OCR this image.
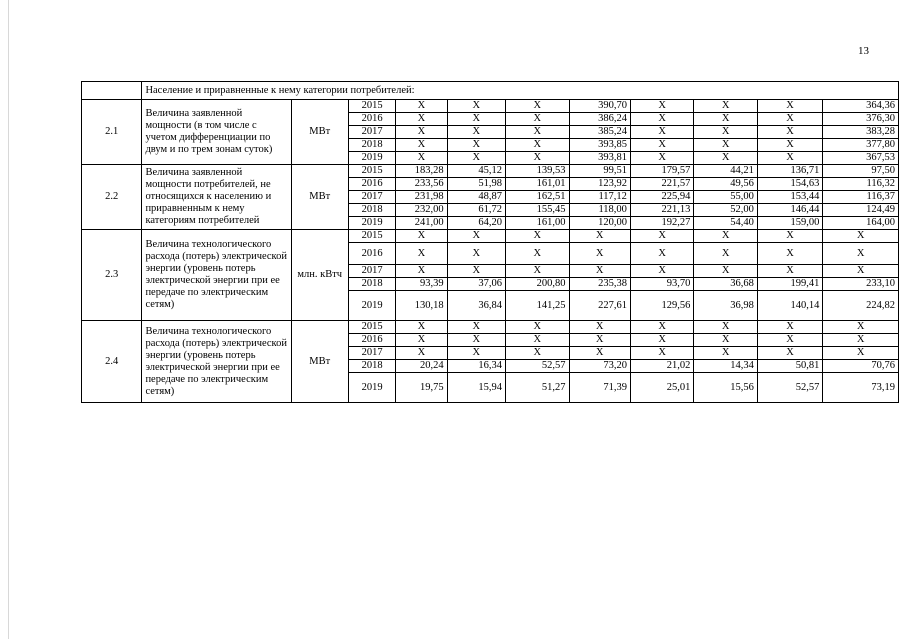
13
	Население и приравненные к нему категории потребителей:										
2.1	Величина заявленной мощности (в том числе с учетом дифференциации по двум и по трем зонам суток)	МВт	2015	X	X	X	390,70	X	X	X	364,36
			2016	X	X	X	386,24	X	X	X	376,30
			2017	X	X	X	385,24	X	X	X	383,28
			2018	X	X	X	393,85	X	X	X	377,80
			2019	X	X	X	393,81	X	X	X	367,53
2.2	Величина заявленной мощности потребителей, не относящихся к населению и приравненным к нему категориям потребителей	МВт	2015	183,28	45,12	139,53	99,51	179,57	44,21	136,71	97,50
			2016	233,56	51,98	161,01	123,92	221,57	49,56	154,63	116,32
			2017	231,98	48,87	162,51	117,12	225,94	55,00	153,44	116,37
			2018	232,00	61,72	155,45	118,00	221,13	52,00	146,44	124,49
			2019	241,00	64,20	161,00	120,00	192,27	54,40	159,00	164,00
2.3	Величина технологического расхода (потерь) электрической энергии (уровень потерь электрической энергии при ее передаче по электрическим сетям)	млн. кВтч	2015	X	X	X	X	X	X	X	X
			2016	X	X	X	X	X	X	X	X
			2017	X	X	X	X	X	X	X	X
			2018	93,39	37,06	200,80	235,38	93,70	36,68	199,41	233,10
			2019	130,18	36,84	141,25	227,61	129,56	36,98	140,14	224,82
2.4	Величина технологического расхода (потерь) электрической энергии (уровень потерь электрической энергии при ее передаче по электрическим сетям)	МВт	2015	X	X	X	X	X	X	X	X
			2016	X	X	X	X	X	X	X	X
			2017	X	X	X	X	X	X	X	X
			2018	20,24	16,34	52,57	73,20	21,02	14,34	50,81	70,76
			2019	19,75	15,94	51,27	71,39	25,01	15,56	52,57	73,19
